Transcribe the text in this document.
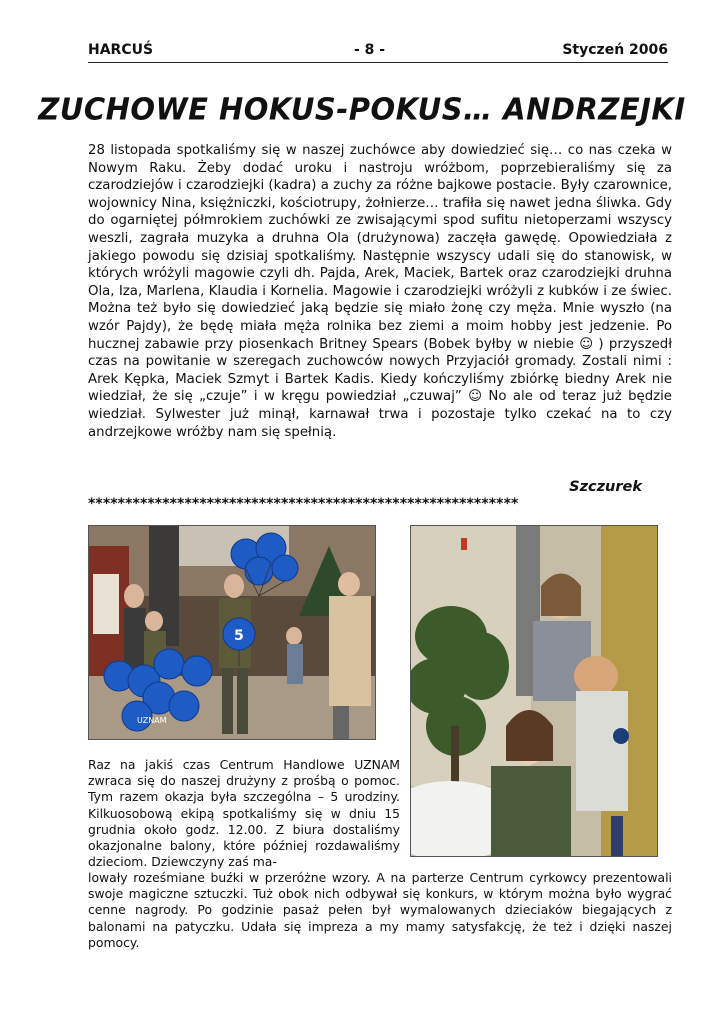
HARCUŚ	- 8 -	Styczeń 2006
ZUCHOWE HOKUS-POKUS… ANDRZEJKI

28 listopada spotkaliśmy się w naszej zuchówce aby dowiedzieć się… co nas czeka w Nowym Raku. Żeby dodać uroku i nastroju wróżbom, poprzebieraliśmy się za czarodziejów i czarodziejki (kadra) a zuchy za różne bajkowe postacie. Były czarownice, wojownicy Nina, księżniczki, kościotrupy, żołnierze… trafiła się nawet jedna śliwka. Gdy do ogarniętej półmrokiem zuchówki ze zwisającymi spod sufitu nietoperzami wszyscy weszli, zagrała muzyka a druhna Ola (drużynowa) zaczęła gawędę. Opowiedziała z jakiego powodu się dzisiaj spotkaliśmy. Następnie wszyscy udali się do stanowisk, w których wróżyli magowie czyli dh. Pajda, Arek, Maciek, Bartek oraz czarodziejki druhna Ola, Iza, Marlena, Klaudia i Kornelia. Magowie i czarodziejki wróżyli z kubków i ze świec. Można też było się dowiedzieć jaką będzie się miało żonę czy męża. Mnie wyszło (na wzór Pajdy), że będę miała męża rolnika bez ziemi a moim hobby jest jedzenie. Po hucznej zabawie przy piosenkach Britney Spears (Bobek byłby w niebie ☺ ) przyszedł czas na powitanie w szeregach zuchowców nowych Przyjaciół gromady. Zostali nimi : Arek Kępka, Maciek Szmyt i Bartek Kadis. Kiedy kończyliśmy zbiórkę biedny Arek nie wiedział, że się „czuje” i w kręgu powiedział „czuwaj” ☺ No ale od teraz już będzie wiedział. Sylwester już minął, karnawał trwa i pozostaje tylko czekać na to czy andrzejkowe wróżby nam się spełnią.

Szczurek
**********************************************************
5
UZNAM

Raz na jakiś czas Centrum Handlowe UZNAM zwraca się do naszej drużyny z prośbą o pomoc. Tym razem okazja była szczególna – 5 urodziny. Kilkuosobową ekipą spotkaliśmy się w dniu 15 grudnia około godz. 12.00. Z biura dostaliśmy okazjonalne balony, które później rozdawaliśmy dzieciom. Dziewczyny zaś ma-

lowały roześmiane buźki w przeróżne wzory. A na parterze Centrum cyrkowcy prezentowali swoje magiczne sztuczki. Tuż obok nich odbywał się konkurs, w którym można było wygrać cenne nagrody. Po godzinie pasaż pełen był wymalowanych dzieciaków biegających z balonami na patyczku. Udała się impreza a my mamy satysfakcję, że też i dzięki naszej pomocy.
